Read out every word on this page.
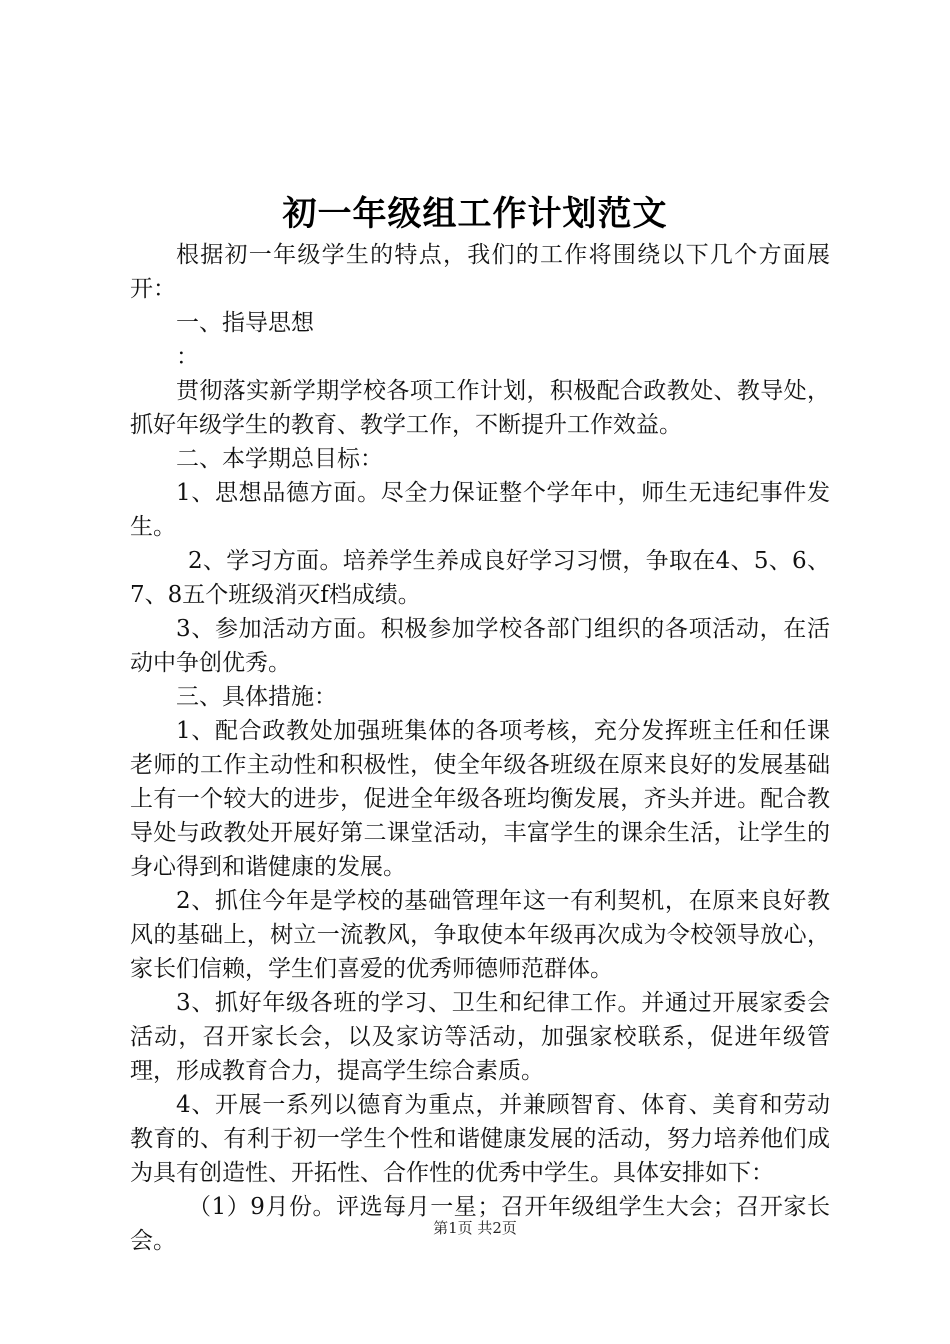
初一年级组工作计划范文

根据初一年级学生的特点，我们的工作将围绕以下几个方面展开：

一、指导思想

：

贯彻落实新学期学校各项工作计划，积极配合政教处、教导处，抓好年级学生的教育、教学工作，不断提升工作效益。

二、本学期总目标：

1、思想品德方面。尽全力保证整个学年中，师生无违纪事件发生。

2、学习方面。培养学生养成良好学习习惯，争取在4、5、6、7、8五个班级消灭f档成绩。

3、参加活动方面。积极参加学校各部门组织的各项活动，在活动中争创优秀。

三、具体措施：

1、配合政教处加强班集体的各项考核，充分发挥班主任和任课老师的工作主动性和积极性，使全年级各班级在原来良好的发展基础上有一个较大的进步，促进全年级各班均衡发展，齐头并进。配合教导处与政教处开展好第二课堂活动，丰富学生的课余生活，让学生的身心得到和谐健康的发展。

2、抓住今年是学校的基础管理年这一有利契机，在原来良好教风的基础上，树立一流教风，争取使本年级再次成为令校领导放心，家长们信赖，学生们喜爱的优秀师德师范群体。

3、抓好年级各班的学习、卫生和纪律工作。并通过开展家委会活动，召开家长会，以及家访等活动，加强家校联系，促进年级管理，形成教育合力，提高学生综合素质。

4、开展一系列以德育为重点，并兼顾智育、体育、美育和劳动教育的、有利于初一学生个性和谐健康发展的活动，努力培养他们成为具有创造性、开拓性、合作性的优秀中学生。具体安排如下：

（1）9月份。评选每月一星；召开年级组学生大会；召开家长会。	第1页 共2页
